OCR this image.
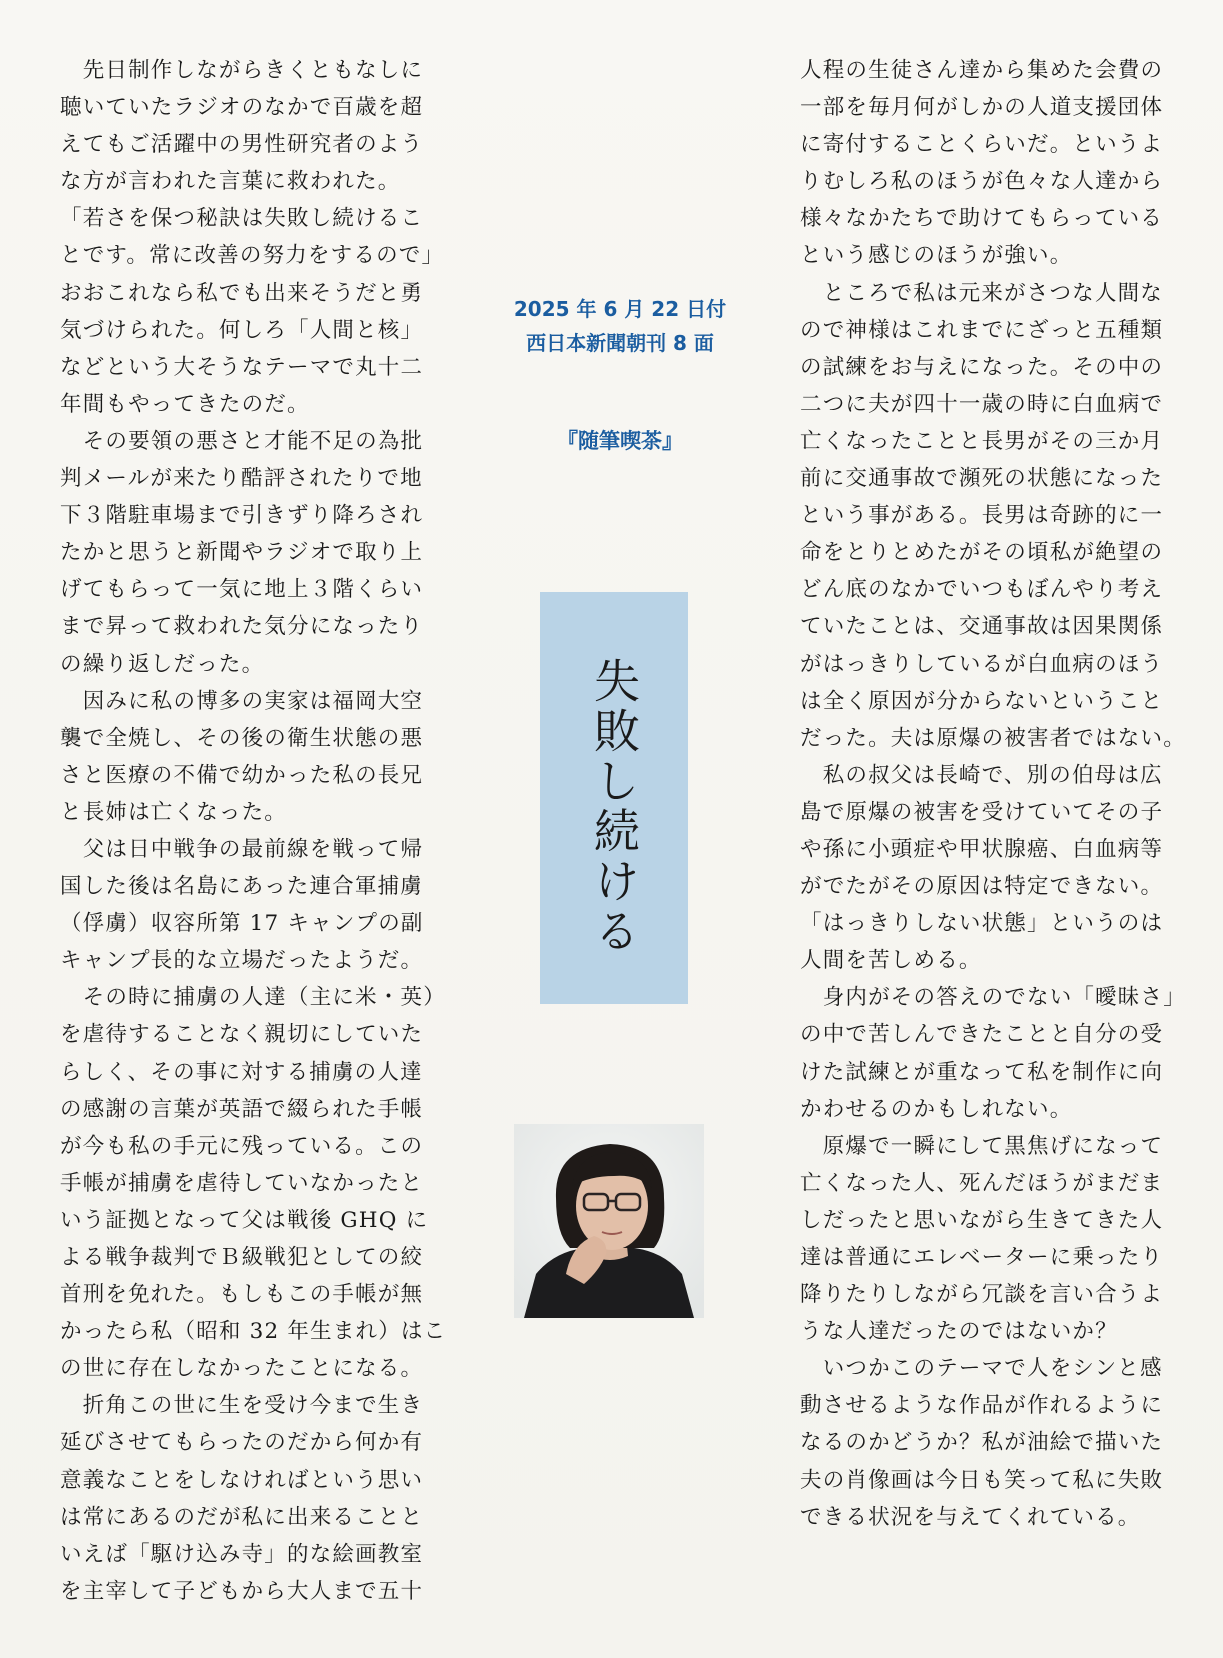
　先日制作しながらきくともなしに
聴いていたラジオのなかで百歳を超
えてもご活躍中の男性研究者のよう
な方が言われた言葉に救われた。
「若さを保つ秘訣は失敗し続けるこ
とです。常に改善の努力をするので」
おおこれなら私でも出来そうだと勇
気づけられた。何しろ「人間と核」
などという大そうなテーマで丸十二
年間もやってきたのだ。
　その要領の悪さと才能不足の為批
判メールが来たり酷評されたりで地
下３階駐車場まで引きずり降ろされ
たかと思うと新聞やラジオで取り上
げてもらって一気に地上３階くらい
まで昇って救われた気分になったり
の繰り返しだった。
　因みに私の博多の実家は福岡大空
襲で全焼し、その後の衛生状態の悪
さと医療の不備で幼かった私の長兄
と長姉は亡くなった。
　父は日中戦争の最前線を戦って帰
国した後は名島にあった連合軍捕虜
（俘虜）収容所第 17 キャンプの副
キャンプ長的な立場だったようだ。
　その時に捕虜の人達（主に米・英）
を虐待することなく親切にしていた
らしく、その事に対する捕虜の人達
の感謝の言葉が英語で綴られた手帳
が今も私の手元に残っている。この
手帳が捕虜を虐待していなかったと
いう証拠となって父は戦後 GHQ に
よる戦争裁判でＢ級戦犯としての絞
首刑を免れた。もしもこの手帳が無
かったら私（昭和 32 年生まれ）はこ
の世に存在しなかったことになる。
　折角この世に生を受け今まで生き
延びさせてもらったのだから何か有
意義なことをしなければという思い
は常にあるのだが私に出来ることと
いえば「駆け込み寺」的な絵画教室
を主宰して子どもから大人まで五十
2025 年 6 月 22 日付
西日本新聞朝刊 8 面
『随筆喫茶』
失敗し続ける
人程の生徒さん達から集めた会費の
一部を毎月何がしかの人道支援団体
に寄付することくらいだ。というよ
りむしろ私のほうが色々な人達から
様々なかたちで助けてもらっている
という感じのほうが強い。
　ところで私は元来がさつな人間な
ので神様はこれまでにざっと五種類
の試練をお与えになった。その中の
二つに夫が四十一歳の時に白血病で
亡くなったことと長男がその三か月
前に交通事故で瀕死の状態になった
という事がある。長男は奇跡的に一
命をとりとめたがその頃私が絶望の
どん底のなかでいつもぼんやり考え
ていたことは、交通事故は因果関係
がはっきりしているが白血病のほう
は全く原因が分からないということ
だった。夫は原爆の被害者ではない。
　私の叔父は長崎で、別の伯母は広
島で原爆の被害を受けていてその子
や孫に小頭症や甲状腺癌、白血病等
がでたがその原因は特定できない。
「はっきりしない状態」というのは
人間を苦しめる。
　身内がその答えのでない「曖昧さ」
の中で苦しんできたことと自分の受
けた試練とが重なって私を制作に向
かわせるのかもしれない。
　原爆で一瞬にして黒焦げになって
亡くなった人、死んだほうがまだま
しだったと思いながら生きてきた人
達は普通にエレベーターに乗ったり
降りたりしながら冗談を言い合うよ
うな人達だったのではないか？
　いつかこのテーマで人をシンと感
動させるような作品が作れるように
なるのかどうか？私が油絵で描いた
夫の肖像画は今日も笑って私に失敗
できる状況を与えてくれている。
